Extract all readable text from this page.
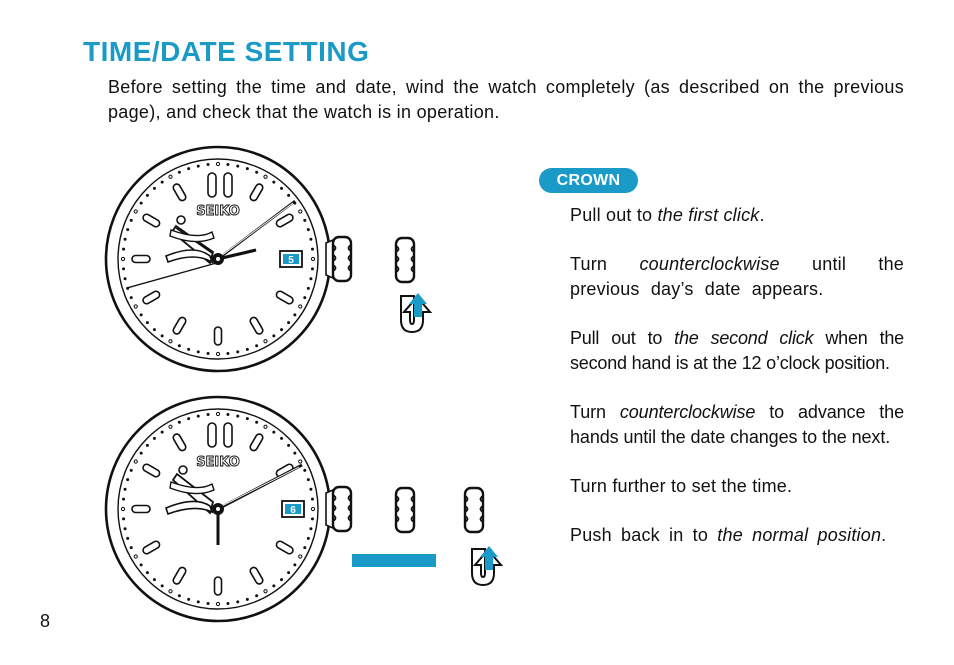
TIME/DATE SETTING

Before setting the time and date, wind the watch completely (as described on the previous page), and check that the watch is in operation.

CROWN

Pull out to the first click.

Turn counterclockwise until the previous day’s date appears.

Pull out to the second click when the second hand is at the 12 o’clock position.

Turn counterclockwise to advance the hands until the date changes to the next.

Turn further to set the time.

Push back in to the normal position.

8
SEIKO
5
SEIKO
6
